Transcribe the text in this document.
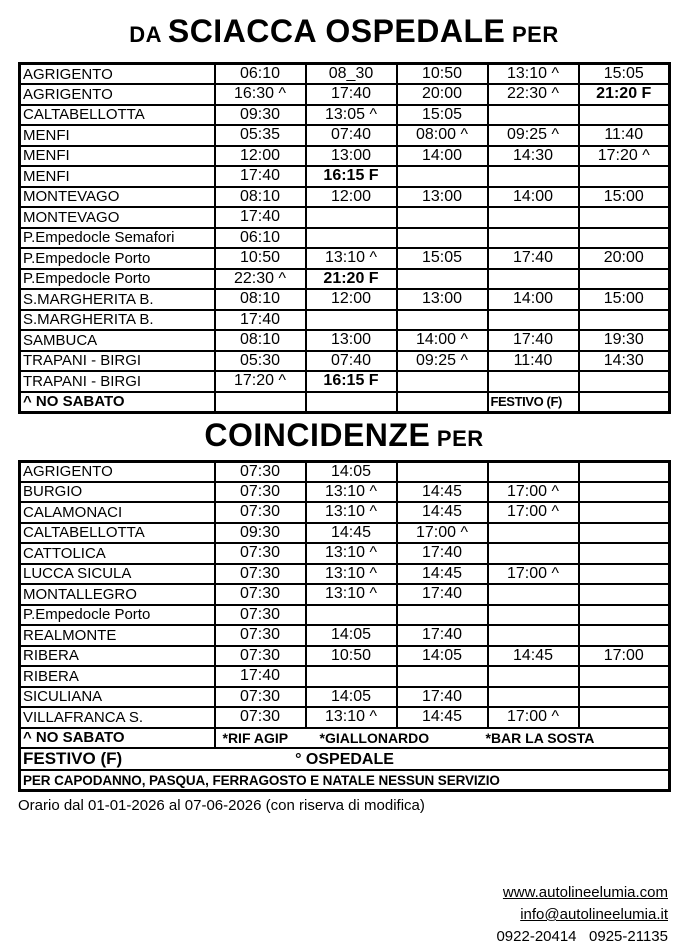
DA SCIACCA OSPEDALE PER
AGRIGENTO	06:10	08_30	10:50	13:10 ^	15:05
AGRIGENTO	16:30 ^	17:40	20:00	22:30 ^	21:20 F
CALTABELLOTTA	09:30	13:05 ^	15:05		
MENFI	05:35	07:40	08:00 ^	09:25 ^	11:40
MENFI	12:00	13:00	14:00	14:30	17:20 ^
MENFI	17:40	16:15 F			
MONTEVAGO	08:10	12:00	13:00	14:00	15:00
MONTEVAGO	17:40				
P.Empedocle Semafori	06:10				
P.Empedocle Porto	10:50	13:10 ^	15:05	17:40	20:00
P.Empedocle Porto	22:30 ^	21:20 F			
S.MARGHERITA B.	08:10	12:00	13:00	14:00	15:00
S.MARGHERITA B.	17:40				
SAMBUCA	08:10	13:00	14:00 ^	17:40	19:30
TRAPANI - BIRGI	05:30	07:40	09:25 ^	11:40	14:30
TRAPANI - BIRGI	17:20 ^	16:15 F			
^ NO SABATO				FESTIVO (F)	
COINCIDENZE PER
AGRIGENTO	07:30	14:05			
BURGIO	07:30	13:10 ^	14:45	17:00 ^	
CALAMONACI	07:30	13:10 ^	14:45	17:00 ^	
CALTABELLOTTA	09:30	14:45	17:00 ^		
CATTOLICA	07:30	13:10 ^	17:40		
LUCCA SICULA	07:30	13:10 ^	14:45	17:00 ^	
MONTALLEGRO	07:30	13:10 ^	17:40		
P.Empedocle Porto	07:30				
REALMONTE	07:30	14:05	17:40		
RIBERA	07:30	10:50	14:05	14:45	17:00
RIBERA	17:40				
SICULIANA	07:30	14:05	17:40		
VILLAFRANCA S.	07:30	13:10 ^	14:45	17:00 ^	
^ NO SABATO	*RIF AGIP *GIALLONARDO *BAR LA SOSTA				
FESTIVO (F) ° OSPEDALE					

PER CAPODANNO, PASQUA, FERRAGOSTO E NATALE NESSUN SERVIZIO					
Orario dal 01-01-2026 al 07-06-2026 (con riserva di modifica)
www.autolineelumia.com
info@autolineelumia.it
0922-20414   0925-21135
